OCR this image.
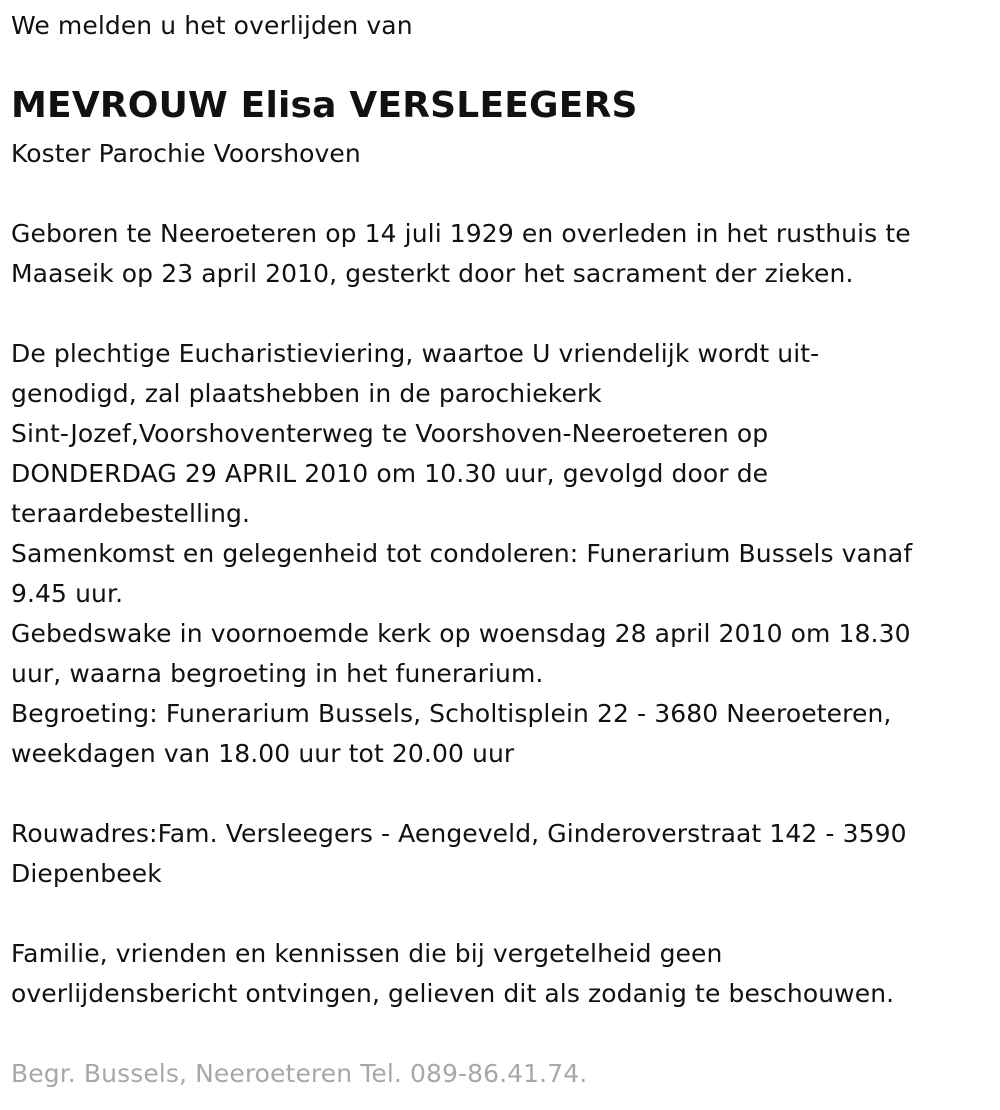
We melden u het overlijden van
MEVROUW Elisa VERSLEEGERS
Koster Parochie Voorshoven
Geboren te Neeroeteren op 14 juli 1929 en overleden in het rusthuis te
Maaseik op 23 april 2010, gesterkt door het sacrament der zieken.
De plechtige Eucharistieviering, waartoe U vriendelijk wordt uit-
genodigd, zal plaatshebben in de parochiekerk
Sint-Jozef,Voorshoventerweg te Voorshoven-Neeroeteren op
DONDERDAG 29 APRIL 2010 om 10.30 uur, gevolgd door de
teraardebestelling.
Samenkomst en gelegenheid tot condoleren: Funerarium Bussels vanaf
9.45 uur.
Gebedswake in voornoemde kerk op woensdag 28 april 2010 om 18.30
uur, waarna begroeting in het funerarium.
Begroeting: Funerarium Bussels, Scholtisplein 22 - 3680 Neeroeteren,
weekdagen van 18.00 uur tot 20.00 uur
Rouwadres:Fam. Versleegers - Aengeveld, Ginderoverstraat 142 - 3590
Diepenbeek
Familie, vrienden en kennissen die bij vergetelheid geen
overlijdensbericht ontvingen, gelieven dit als zodanig te beschouwen.
Begr. Bussels, Neeroeteren Tel. 089-86.41.74.
